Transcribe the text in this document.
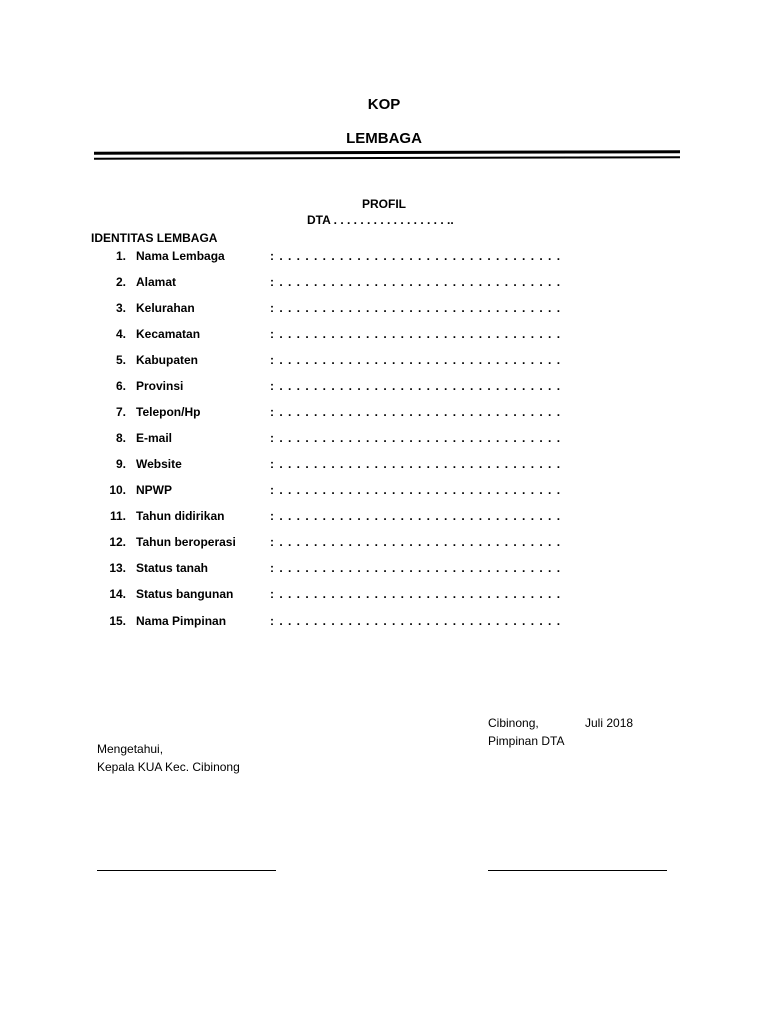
KOP
LEMBAGA
PROFIL
DTA . . . . . . . . . . . . . . . . . ..
IDENTITAS LEMBAGA
1. Nama Lembaga	: . . . . . . . . . . . . . . . . . . . . . . . . . . . . . . . . .
2. Alamat	: . . . . . . . . . . . . . . . . . . . . . . . . . . . . . . . . .
3. Kelurahan	: . . . . . . . . . . . . . . . . . . . . . . . . . . . . . . . . .
4. Kecamatan	: . . . . . . . . . . . . . . . . . . . . . . . . . . . . . . . . .
5. Kabupaten	: . . . . . . . . . . . . . . . . . . . . . . . . . . . . . . . . .
6. Provinsi	: . . . . . . . . . . . . . . . . . . . . . . . . . . . . . . . . .
7. Telepon/Hp	: . . . . . . . . . . . . . . . . . . . . . . . . . . . . . . . . .
8. E-mail	: . . . . . . . . . . . . . . . . . . . . . . . . . . . . . . . . .
9. Website	: . . . . . . . . . . . . . . . . . . . . . . . . . . . . . . . . .
10. NPWP	: . . . . . . . . . . . . . . . . . . . . . . . . . . . . . . . . .
11. Tahun didirikan	: . . . . . . . . . . . . . . . . . . . . . . . . . . . . . . . . .
12. Tahun beroperasi	: . . . . . . . . . . . . . . . . . . . . . . . . . . . . . . . . .
13. Status tanah	: . . . . . . . . . . . . . . . . . . . . . . . . . . . . . . . . .
14. Status bangunan	: . . . . . . . . . . . . . . . . . . . . . . . . . . . . . . . . .
15. Nama Pimpinan	: . . . . . . . . . . . . . . . . . . . . . . . . . . . . . . . . .
Cibinong,	Juli 2018
Pimpinan DTA
Mengetahui,
Kepala KUA Kec. Cibinong
